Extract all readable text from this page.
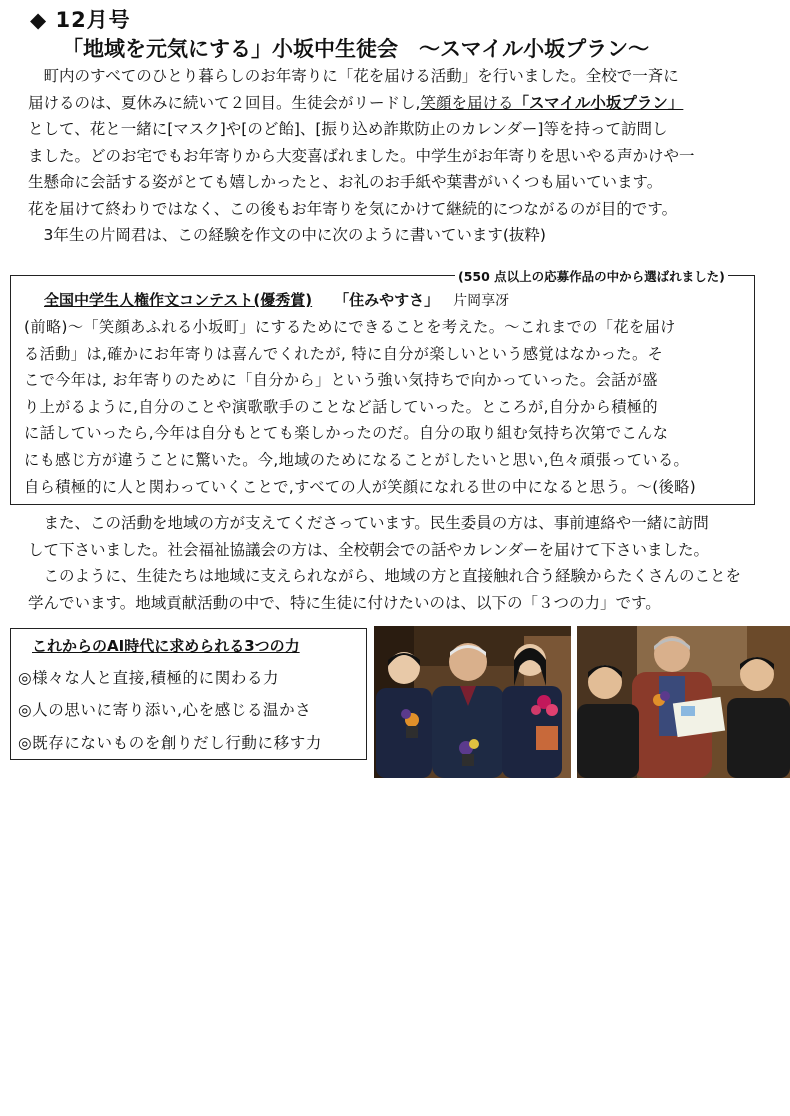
◆ 12月号
「地域を元気にする」小坂中生徒会　～スマイル小坂プラン～
　町内のすべてのひとり暮らしのお年寄りに「花を届ける活動」を行いました。全校で一斉に
届けるのは、夏休みに続いて２回目。生徒会がリードし,笑顔を届ける「スマイル小坂プラン」
として、花と一緒に[マスク]や[のど飴]、[振り込め詐欺防止のカレンダー]等を持って訪問し
ました。どのお宅でもお年寄りから大変喜ばれました。中学生がお年寄りを思いやる声かけや一
生懸命に会話する姿がとても嬉しかったと、お礼のお手紙や葉書がいくつも届いています。
花を届けて終わりではなく、この後もお年寄りを気にかけて継続的につながるのが目的です。
　3年生の片岡君は、この経験を作文の中に次のように書いています(抜粋)
(550 点以上の応募作品の中から選ばれました)
全国中学生人権作文コンテスト(優秀賞) 「住みやすさ」 片岡享冴
(前略)～「笑顔あふれる小坂町」にするためにできることを考えた。～これまでの「花を届け
る活動」は,確かにお年寄りは喜んでくれたが, 特に自分が楽しいという感覚はなかった。そ
こで今年は, お年寄りのために「自分から」という強い気持ちで向かっていった。会話が盛
り上がるように,自分のことや演歌歌手のことなど話していった。ところが,自分から積極的
に話していったら,今年は自分もとても楽しかったのだ。自分の取り組む気持ち次第でこんな
にも感じ方が違うことに驚いた。今,地域のためになることがしたいと思い,色々頑張っている。
自ら積極的に人と関わっていくことで,すべての人が笑顔になれる世の中になると思う。～(後略)
　また、この活動を地域の方が支えてくださっています。民生委員の方は、事前連絡や一緒に訪問
して下さいました。社会福祉協議会の方は、全校朝会での話やカレンダーを届けて下さいました。
　このように、生徒たちは地域に支えられながら、地域の方と直接触れ合う経験からたくさんのことを
学んでいます。地域貢献活動の中で、特に生徒に付けたいのは、以下の「３つの力」です。
これからのAI時代に求められる3つの力
◎様々な人と直接,積極的に関わる力
◎人の思いに寄り添い,心を感じる温かさ
◎既存にないものを創りだし行動に移す力
